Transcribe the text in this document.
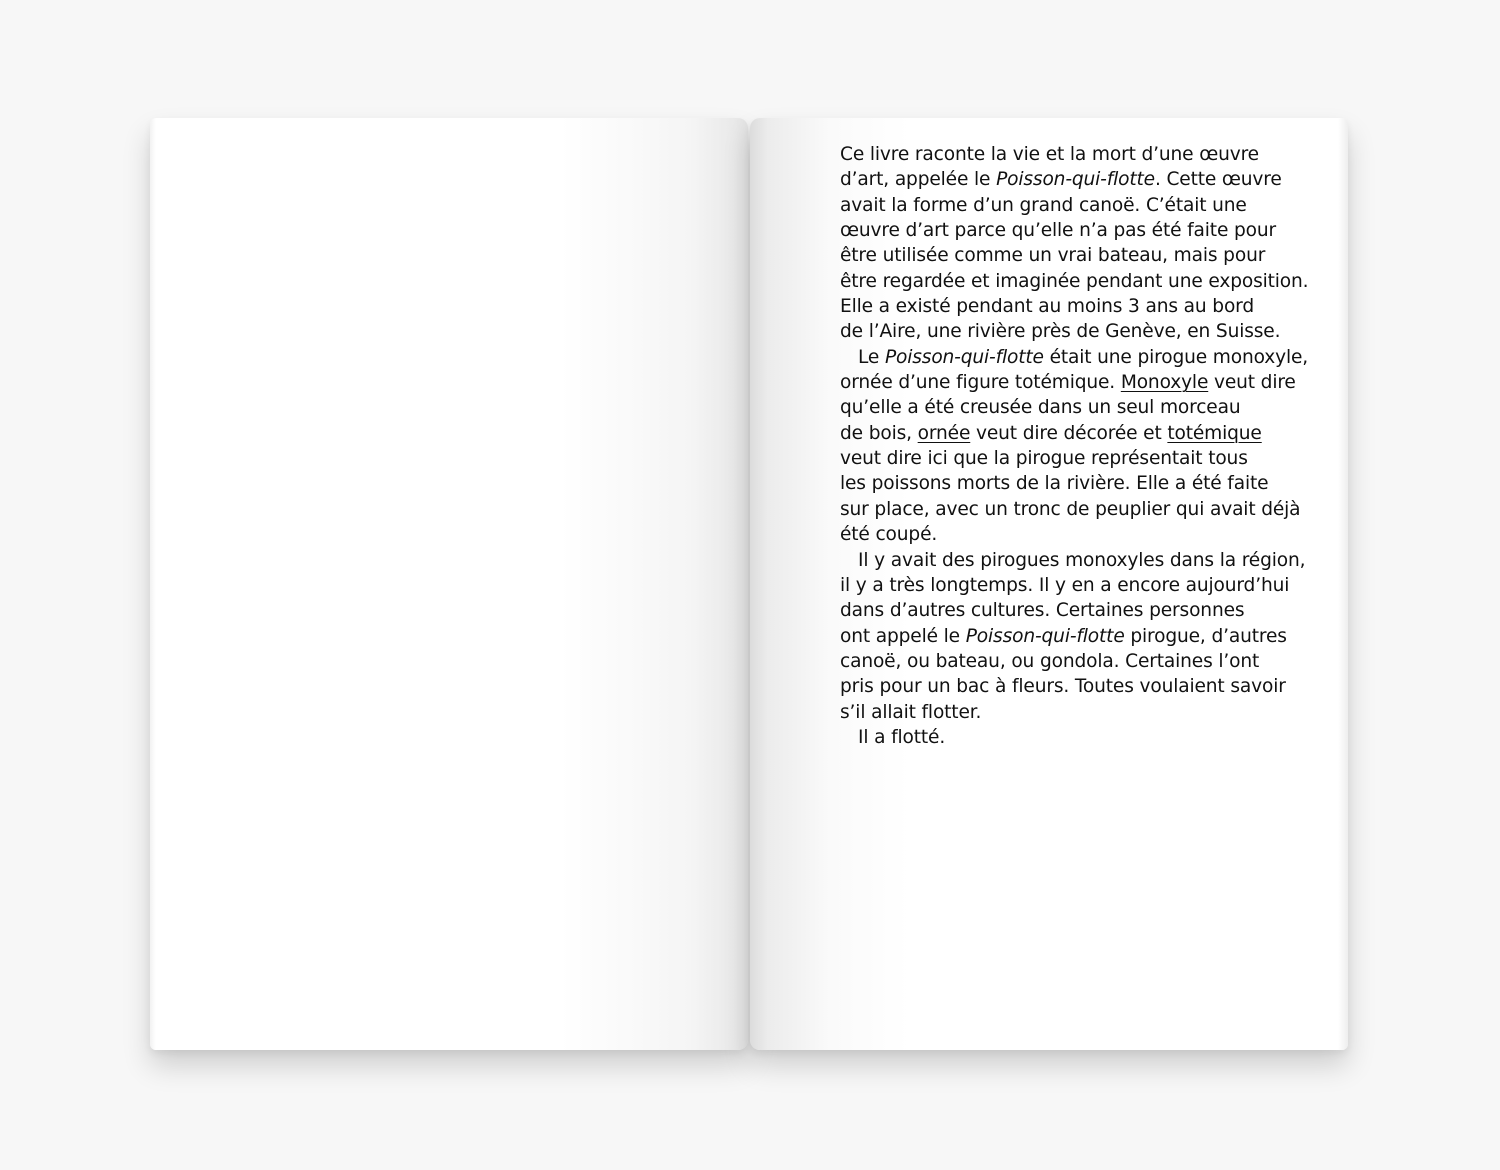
Ce livre raconte la vie et la mort d’une œuvre
d’art, appelée le Poisson-qui-flotte. Cette œuvre
avait la forme d’un grand canoë. C’était une
œuvre d’art parce qu’elle n’a pas été faite pour
être utilisée comme un vrai bateau, mais pour
être regardée et imaginée pendant une exposition.
Elle a existé pendant au moins 3 ans au bord
de l’Aire, une rivière près de Genève, en Suisse.
Le Poisson-qui-flotte était une pirogue monoxyle,
ornée d’une figure totémique. Monoxyle veut dire
qu’elle a été creusée dans un seul morceau
de bois, ornée veut dire décorée et totémique
veut dire ici que la pirogue représentait tous
les poissons morts de la rivière. Elle a été faite
sur place, avec un tronc de peuplier qui avait déjà
été coupé.
Il y avait des pirogues monoxyles dans la région,
il y a très longtemps. Il y en a encore aujourd’hui
dans d’autres cultures. Certaines personnes
ont appelé le Poisson-qui-flotte pirogue, d’autres
canoë, ou bateau, ou gondola. Certaines l’ont
pris pour un bac à fleurs. Toutes voulaient savoir
s’il allait flotter.
Il a flotté.
